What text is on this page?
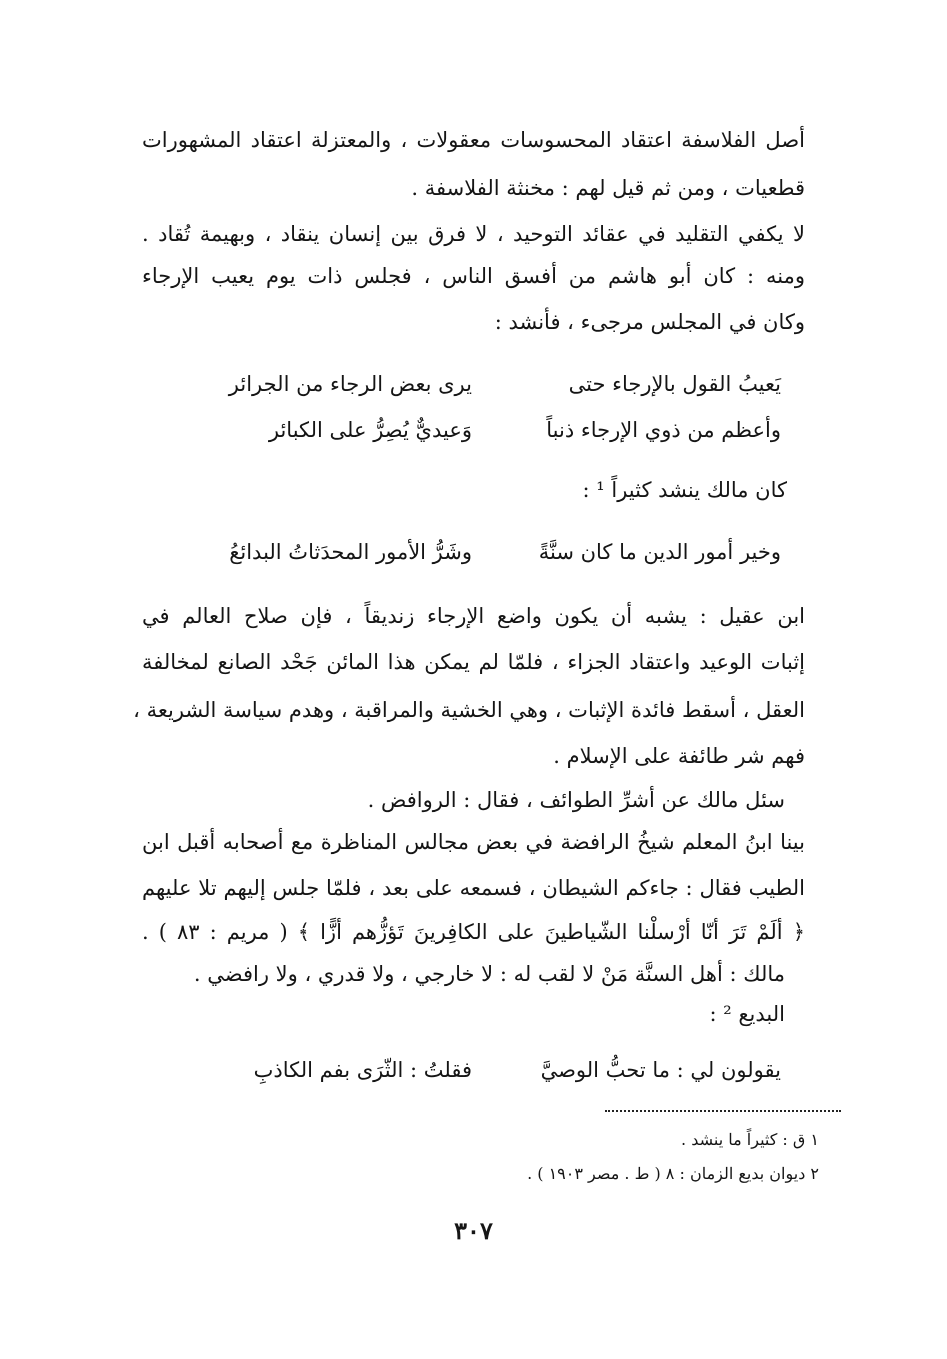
أصل الفلاسفة اعتقاد المحسوسات معقولات ، والمعتزلة اعتقاد المشهورات
قطعيات ، ومن ثم قيل لهم : مخنثة الفلاسفة .
لا يكفي التقليد في عقائد التوحيد ، لا فرق بين إنسان ينقاد ، وبهيمة تُقاد .
ومنه : كان أبو هاشم من أفسق الناس ، فجلس ذات يوم يعيب الإرجاء
وكان في المجلس مرجىء ، فأنشد :
يَعيبُ القول بالإرجاء حتى
يرى بعض الرجاء من الجرائر
وأعظم من ذوي الإرجاء ذنباً
وَعيديٌّ يُصِرُّ على الكبائر
كان مالك ينشد كثيراً ¹ :
وخير أمور الدين ما كان سنَّةً
وشَرُّ الأمور المحدَثاتُ البدائعُ
ابن عقيل : يشبه أن يكون واضع الإرجاء زنديقاً ، فإن صلاح العالم في
إثبات الوعيد واعتقاد الجزاء ، فلمّا لم يمكن هذا المائن جَحْد الصانع لمخالفة
العقل ، أسقط فائدة الإثبات ، وهي الخشية والمراقبة ، وهدم سياسة الشريعة ،
فهم شر طائفة على الإسلام .
سئل مالك عن أشرِّ الطوائف ، فقال : الروافض .
بينا ابنُ المعلم شيخُ الرافضة في بعض مجالس المناظرة مع أصحابه أقبل ابن
الطيب فقال : جاءكم الشيطان ، فسمعه على بعد ، فلمّا جلس إليهم تلا عليهم
﴿ ألَمْ تَرَ أنّا أرْسلْنا الشّياطينَ على الكافِرينَ تَؤزُّهم أزًّا ﴾ ( مريم : ٨٣ ) .
مالك : أهل السنَّة مَنْ لا لقب له : لا خارجي ، ولا قدري ، ولا رافضي .
البديع ² :
يقولون لي : ما تحبُّ الوصيَّ
فقلتُ : الثّرَى بفم الكاذبِ
١ ق : كثيراً ما ينشد .
٢ ديوان بديع الزمان : ٨ ( ط . مصر ١٩٠٣ ) .
٣٠٧
